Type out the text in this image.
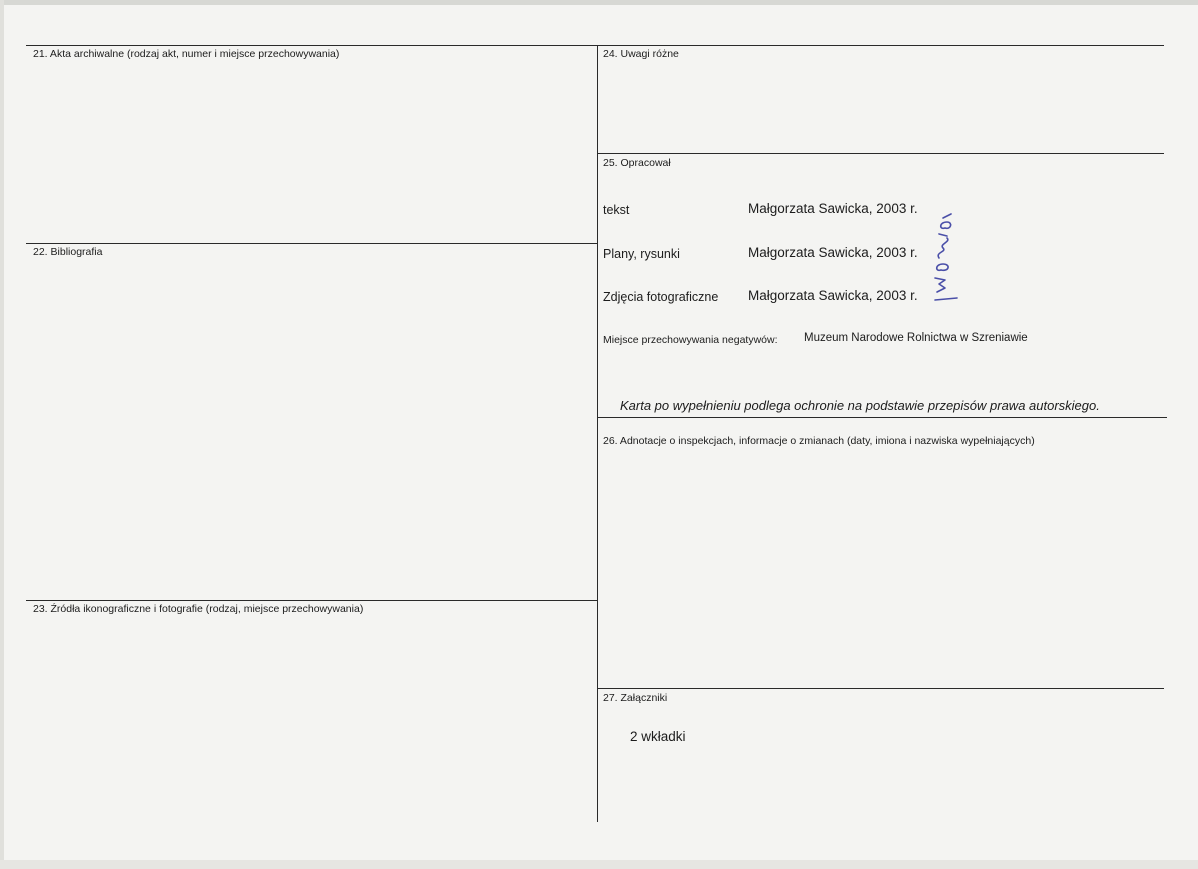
21. Akta archiwalne (rodzaj akt, numer i miejsce przechowywania)
22. Bibliografia
23. Źródła ikonograficzne i fotografie (rodzaj, miejsce przechowywania)
24. Uwagi różne
25. Opracował
tekst	Małgorzata Sawicka, 2003 r.
Plany, rysunki	Małgorzata Sawicka, 2003 r.
Zdjęcia fotograficzne Małgorzata Sawicka, 2003 r.
Miejsce przechowywania negatywów: Muzeum Narodowe Rolnictwa w Szreniawie
Karta po wypełnieniu podlega ochronie na podstawie przepisów prawa autorskiego.
26. Adnotacje o inspekcjach, informacje o zmianach (daty, imiona i nazwiska wypełniających)
27. Załączniki
2 wkładki
